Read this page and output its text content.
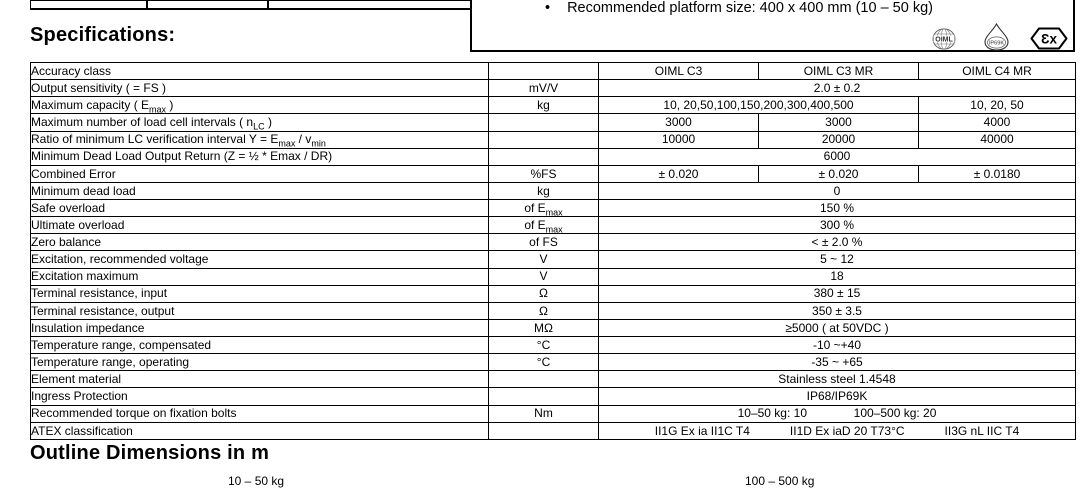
• Recommended platform size: 400 x 400 mm (10 – 50 kg)
OIML
IP69K	Ɛx
Specifications:
Outline Dimensions in m
Accuracy class		OIML C3	OIML C3 MR	OIML C4 MR
Output sensitivity ( = FS )	mV/V	2.0 ± 0.2		
Maximum capacity ( $E_{max}$ )	kg	10, 20,50,100,150,200,300,400,500		10, 20, 50
Maximum number of load cell intervals ( $n_{LC}$ )		3000	3000	4000
Ratio of minimum LC verification interval $Y = E_{max} / v_{min}$		10000	20000	40000
Minimum Dead Load Output Return (Z = ½ * Emax / DR)		6000		
Combined Error	%FS	± 0.020	± 0.020	± 0.0180
Minimum dead load	kg	0		
Safe overload	of $E_{max}$	150 %		
Ultimate overload	of $E_{max}$	300 %		
Zero balance	of FS	< ± 2.0 %		
Excitation, recommended voltage	V	5 ~ 12		
Excitation maximum	V	18		
Terminal resistance, input	Ω	380 ± 15		
Terminal resistance, output	Ω	350 ± 3.5		
Insulation impedance	MΩ	≥5000 ( at 50VDC )		
Temperature range, compensated	°C	-10 ~+40		
Temperature range, operating	°C	-35 ~ +65		
Element material		Stainless steel 1.4548		
Ingress Protection		IP68/IP69K		
Recommended torque on fixation bolts	Nm	10–50 kg: 10              100–500 kg: 20		
ATEX classification		II1G Ex ia II1C T4            II1D Ex iaD 20 T73°C            II3G nL IIC T4		
10 – 50 kg	100 – 500 kg
